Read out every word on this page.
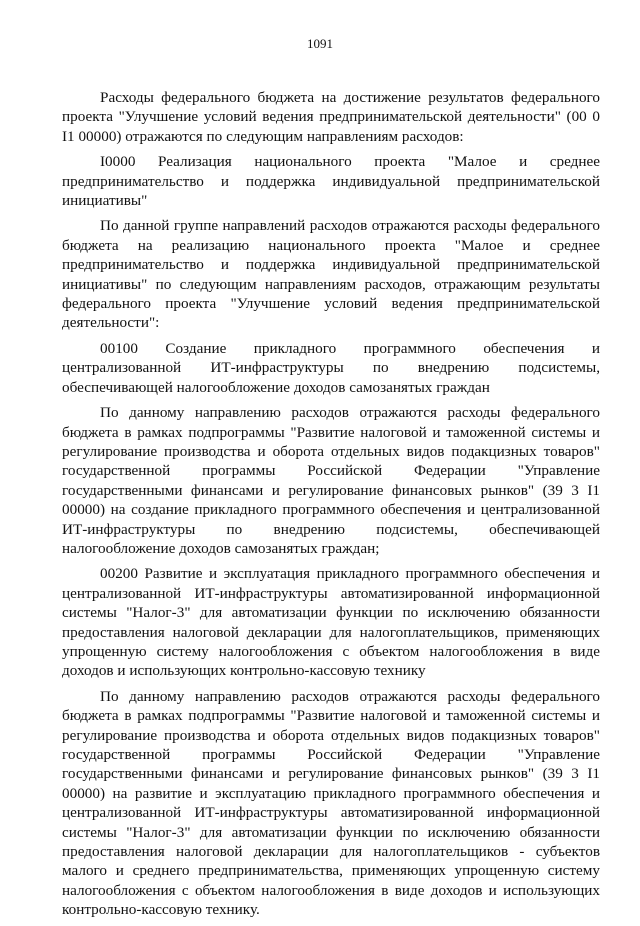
1091

Расходы федерального бюджета на достижение результатов федерального проекта "Улучшение условий ведения предпринимательской деятельности" (00 0 I1 00000) отражаются по следующим направлениям расходов:

I0000 Реализация национального проекта "Малое и среднее предпринимательство и поддержка индивидуальной предпринимательской инициативы"

По данной группе направлений расходов отражаются расходы федерального бюджета на реализацию национального проекта "Малое и среднее предпринимательство и поддержка индивидуальной предпринимательской инициативы" по следующим направлениям расходов, отражающим результаты федерального проекта "Улучшение условий ведения предпринимательской деятельности":

00100 Создание прикладного программного обеспечения и централизованной ИТ-инфраструктуры по внедрению подсистемы, обеспечивающей налогообложение доходов самозанятых граждан

По данному направлению расходов отражаются расходы федерального бюджета в рамках подпрограммы "Развитие налоговой и таможенной системы и регулирование производства и оборота отдельных видов подакцизных товаров" государственной программы Российской Федерации "Управление государственными финансами и регулирование финансовых рынков" (39 3 I1 00000) на создание прикладного программного обеспечения и централизованной ИТ-инфраструктуры по внедрению подсистемы, обеспечивающей налогообложение доходов самозанятых граждан;

00200 Развитие и эксплуатация прикладного программного обеспечения и централизованной ИТ-инфраструктуры автоматизированной информационной системы "Налог-3" для автоматизации функции по исключению обязанности предоставления налоговой декларации для налогоплательщиков, применяющих упрощенную систему налогообложения с объектом налогообложения в виде доходов и использующих контрольно-кассовую технику

По данному направлению расходов отражаются расходы федерального бюджета в рамках подпрограммы "Развитие налоговой и таможенной системы и регулирование производства и оборота отдельных видов подакцизных товаров" государственной программы Российской Федерации "Управление государственными финансами и регулирование финансовых рынков" (39 3 I1 00000) на развитие и эксплуатацию прикладного программного обеспечения и централизованной ИТ-инфраструктуры автоматизированной информационной системы "Налог-3" для автоматизации функции по исключению обязанности предоставления налоговой декларации для налогоплательщиков - субъектов малого и среднего предпринимательства, применяющих упрощенную систему налогообложения с объектом налогообложения в виде доходов и использующих контрольно-кассовую технику.
